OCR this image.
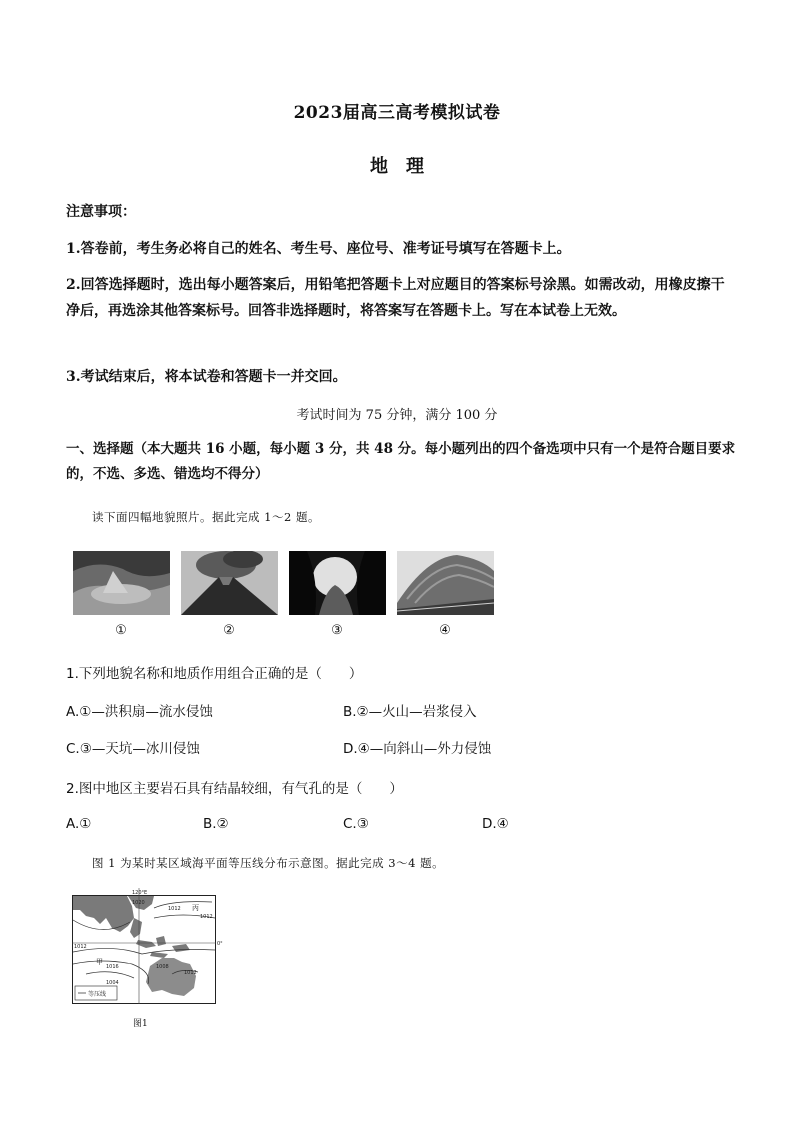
2023届高三高考模拟试卷
地　理
注意事项：
1.答卷前，考生务必将自己的姓名、考生号、座位号、准考证号填写在答题卡上。
2.回答选择题时，选出每小题答案后，用铅笔把答题卡上对应题目的答案标号涂黑。如需改动，用橡皮擦干净后，再选涂其他答案标号。回答非选择题时，将答案写在答题卡上。写在本试卷上无效。
3.考试结束后，将本试卷和答题卡一并交回。
考试时间为 75 分钟，满分 100 分
一、选择题（本大题共 16 小题，每小题 3 分，共 48 分。每小题列出的四个备选项中只有一个是符合题目要求的，不选、多选、错选均不得分）
读下面四幅地貌照片。据此完成 1～2 题。
①	②	③	④
1.下列地貌名称和地质作用组合正确的是（　　）
A.①—洪积扇—流水侵蚀	B.②—火山—岩浆侵入
C.③—天坑—冰川侵蚀	D.④—向斜山—外力侵蚀
2.图中地区主要岩石具有结晶较细，有气孔的是（　　）
A.①	B.②	C.③	D.④
图 1 为某时某区域海平面等压线分布示意图。据此完成 3～4 题。
120°E
0°
1020
1012
1012
1016	1008
1004
1012
1012
丙
甲
等压线
图1
